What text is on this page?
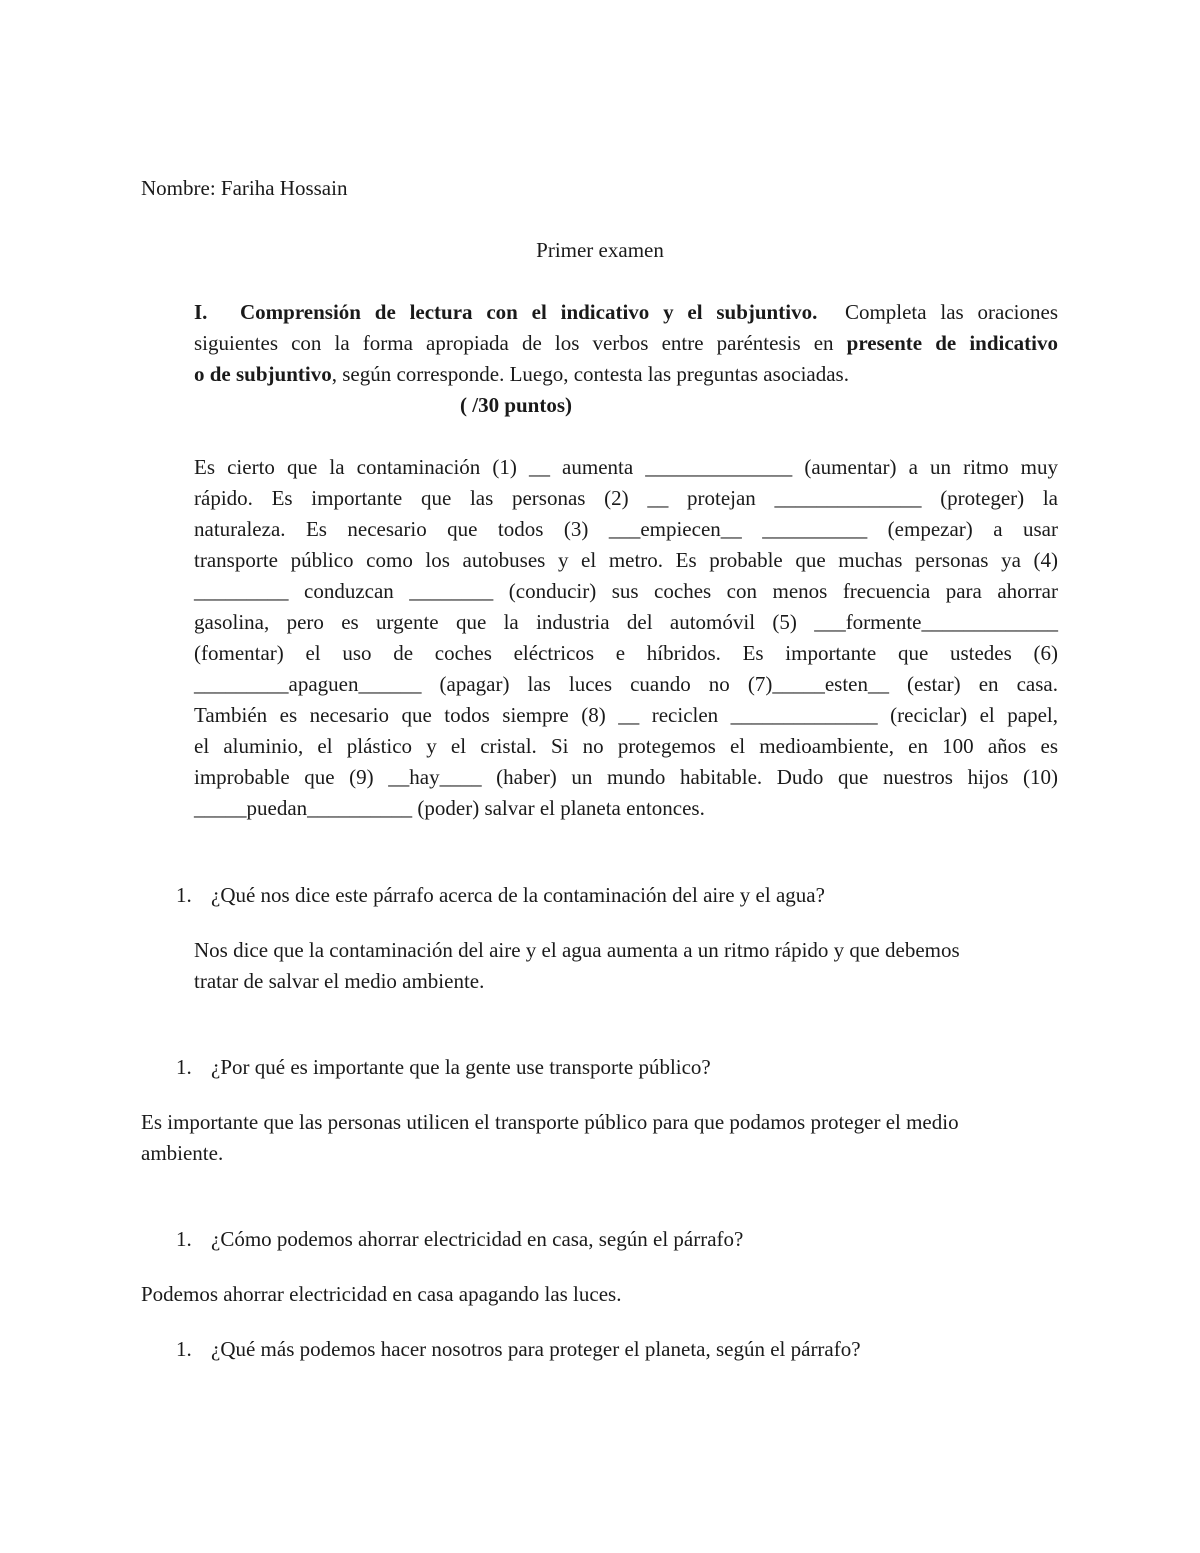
Nombre: Fariha Hossain
Primer examen
I. Comprensión de lectura con el indicativo y el subjuntivo. Completa las oraciones
siguientes con la forma apropiada de los verbos entre paréntesis en presente de indicativo
o de subjuntivo, según corresponde. Luego, contesta las preguntas asociadas.
( /30 puntos)
Es cierto que la contaminación (1) __ aumenta ______________ (aumentar) a un ritmo muy
rápido. Es importante que las personas (2) __ protejan ______________ (proteger) la
naturaleza. Es necesario que todos (3) ___empiecen__ __________ (empezar) a usar
transporte público como los autobuses y el metro. Es probable que muchas personas ya (4)
_________ conduzcan ________ (conducir) sus coches con menos frecuencia para ahorrar
gasolina, pero es urgente que la industria del automóvil (5) ___formente_____________
(fomentar) el uso de coches eléctricos e híbridos. Es importante que ustedes (6)
_________apaguen______ (apagar) las luces cuando no (7)_____esten__ (estar) en casa.
También es necesario que todos siempre (8) __ reciclen ______________ (reciclar) el papel,
el aluminio, el plástico y el cristal. Si no protegemos el medioambiente, en 100 años es
improbable que (9) __hay____ (haber) un mundo habitable. Dudo que nuestros hijos (10)
_____puedan__________ (poder) salvar el planeta entonces.
1. ¿Qué nos dice este párrafo acerca de la contaminación del aire y el agua?
Nos dice que la contaminación del aire y el agua aumenta a un ritmo rápido y que debemos
tratar de salvar el medio ambiente.
1. ¿Por qué es importante que la gente use transporte público?
Es importante que las personas utilicen el transporte público para que podamos proteger el medio
ambiente.
1. ¿Cómo podemos ahorrar electricidad en casa, según el párrafo?
Podemos ahorrar electricidad en casa apagando las luces.
1. ¿Qué más podemos hacer nosotros para proteger el planeta, según el párrafo?
